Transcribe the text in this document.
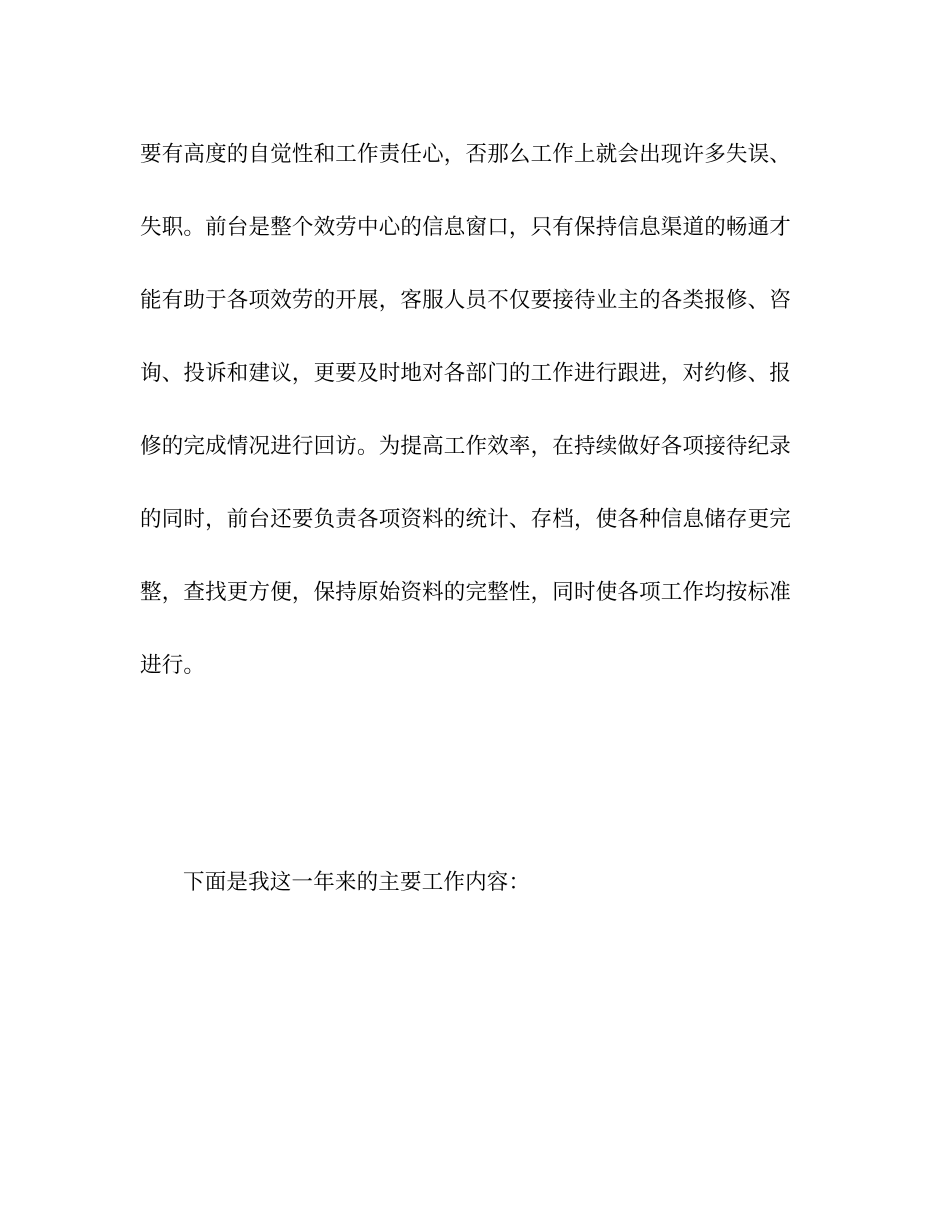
要有高度的自觉性和工作责任心，否那么工作上就会出现许多失误、
失职。前台是整个效劳中心的信息窗口，只有保持信息渠道的畅通才
能有助于各项效劳的开展，客服人员不仅要接待业主的各类报修、咨
询、投诉和建议，更要及时地对各部门的工作进行跟进，对约修、报
修的完成情况进行回访。为提高工作效率，在持续做好各项接待纪录
的同时，前台还要负责各项资料的统计、存档，使各种信息储存更完
整，查找更方便，保持原始资料的完整性，同时使各项工作均按标准
进行。
下面是我这一年来的主要工作内容：
